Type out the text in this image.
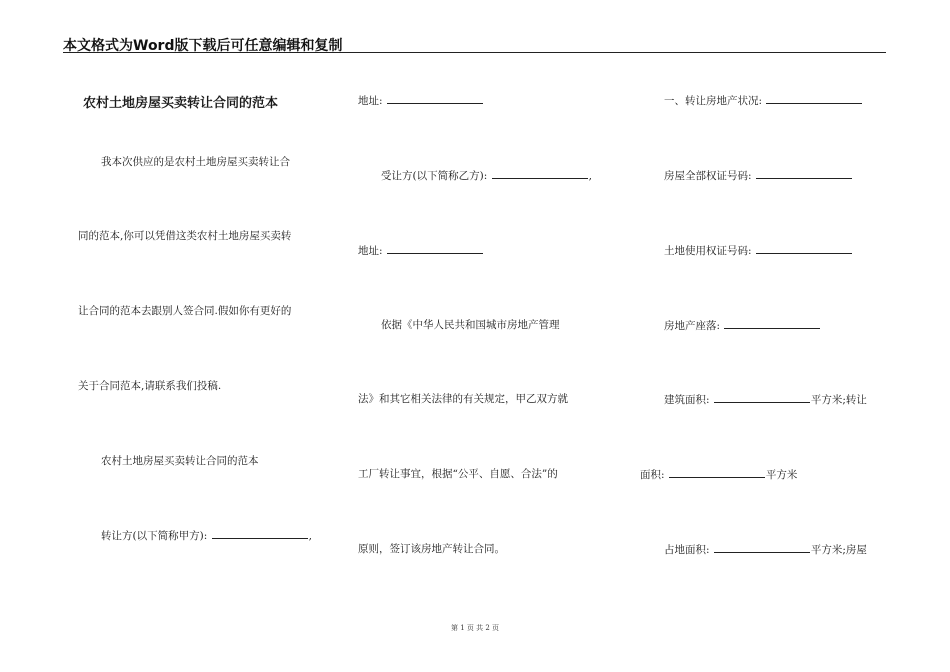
本文格式为Word版下载后可任意编辑和复制
农村土地房屋买卖转让合同的范本
我本次供应的是农村土地房屋买卖转让合
同的范本,你可以凭借这类农村土地房屋买卖转
让合同的范本去跟别人签合同.假如你有更好的
关于合同范本,请联系我们投稿.
农村土地房屋买卖转让合同的范本
转让方(以下简称甲方):	,
地址:
受让方(以下简称乙方):	,
地址:
依据《中华人民共和国城市房地产管理
法》和其它相关法律的有关规定，甲乙双方就
工厂转让事宜，根据“公平、自愿、合法”的
原则，签订该房地产转让合同。
一、转让房地产状况:
房屋全部权证号码:
土地使用权证号码:
房地产座落:
建筑面积:	平方米;转让
面积:	平方米
占地面积:	平方米;房屋
第 1 页 共 2 页
